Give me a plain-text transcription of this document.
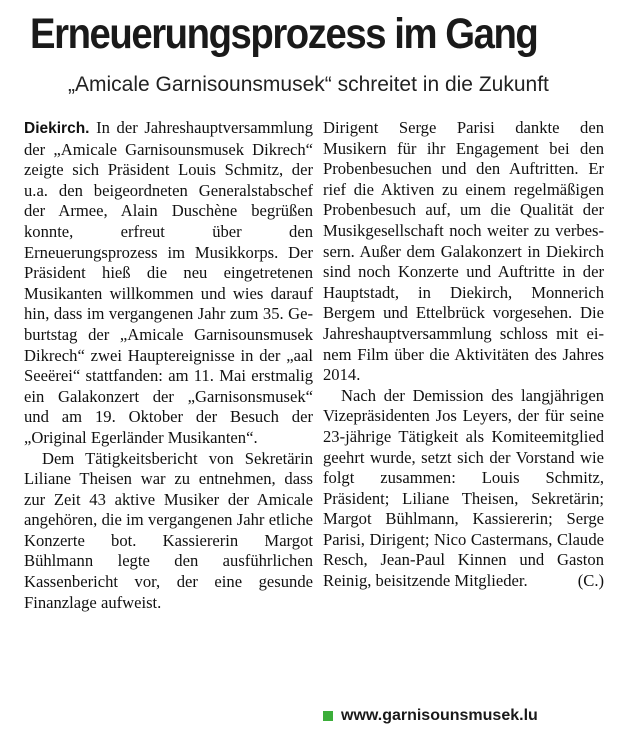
Erneuerungsprozess im Gang
„Amicale Garnisounsmusek“ schreitet in die Zukunft

Diekirch. In der Jahreshauptversammlung der „Amicale Garnisounsmusek Dikrech“ zeigte sich Präsident Louis Schmitz, der u.a. den beigeordneten Generalstabschef der Armee, Alain Duschène begrüßen konnte, erfreut über den Erneuerungsprozess im Musikkorps. Der Präsident hieß die neu eingetretenen Musikanten willkommen und wies darauf hin, dass im vergangenen Jahr zum 35. Geburtstag der „Amicale Garnisounsmusek Dikrech“ zwei Hauptereignisse in der „aal Seeërei“ stattfanden: am 11. Mai erstmalig ein Galakonzert der „Garnisonsmusek“ und am 19. Oktober der Besuch der „Original Egerländer Musikanten“.

Dem Tätigkeitsbericht von Sekretärin Liliane Theisen war zu entnehmen, dass zur Zeit 43 aktive Musiker der Amicale angehören, die im vergangenen Jahr etliche Konzerte bot. Kassiererin Margot Bühlmann legte den ausführlichen Kassenbericht vor, der eine gesunde Finanzlage aufweist.

Dirigent Serge Parisi dankte den Musikern für ihr Engagement bei den Probenbesuchen und den Auftritten. Er rief die Aktiven zu einem regelmäßigen Probenbesuch auf, um die Qualität der Musikgesellschaft noch weiter zu verbessern. Außer dem Galakonzert in Diekirch sind noch Konzerte und Auftritte in der Hauptstadt, in Diekirch, Monnerich Bergem und Ettelbrück vorgesehen. Die Jahreshauptversammlung schloss mit einem Film über die Aktivitäten des Jahres 2014.

Nach der Demission des langjährigen Vizepräsidenten Jos Leyers, der für seine 23-jährige Tätigkeit als Komiteemitglied geehrt wurde, setzt sich der Vorstand wie folgt zusammen: Louis Schmitz, Präsident; Liliane Theisen, Sekretärin; Margot Bühlmann, Kassiererin; Serge Parisi, Dirigent; Nico Castermans, Claude Resch, Jean-Paul Kinnen und Gaston Reinig, beisitzende Mitglieder.	(C.)

www.garnisounsmusek.lu
